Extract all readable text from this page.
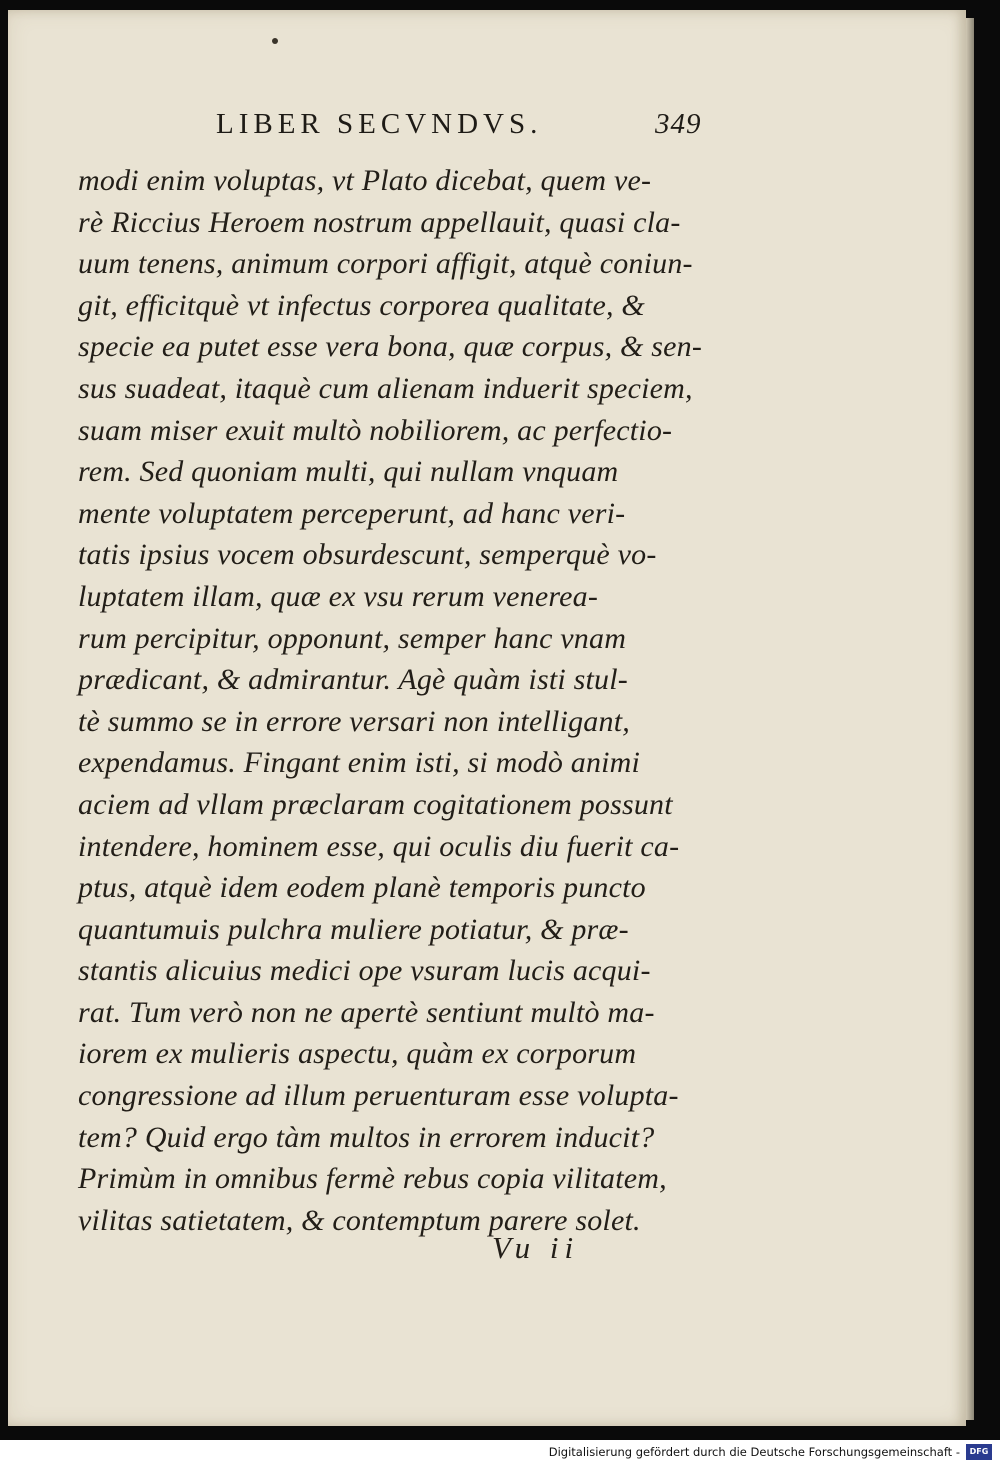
LIBER SECVNDVS.	349
modi enim voluptas, vt Plato dicebat, quem ve-
rè Riccius Heroem nostrum appellauit, quasi cla-
uum tenens, animum corpori affigit, atquè coniun-
git, efficitquè vt infectus corporea qualitate, &
specie ea putet esse vera bona, quæ corpus, & sen-
sus suadeat, itaquè cum alienam induerit speciem,
suam miser exuit multò nobiliorem, ac perfectio-
rem. Sed quoniam multi, qui nullam vnquam
mente voluptatem perceperunt, ad hanc veri-
tatis ipsius vocem obsurdescunt, semperquè vo-
luptatem illam, quæ ex vsu rerum venerea-
rum percipitur, opponunt, semper hanc vnam
prædicant, & admirantur. Agè quàm isti stul-
tè summo se in errore versari non intelligant,
expendamus. Fingant enim isti, si modò animi
aciem ad vllam præclaram cogitationem possunt
intendere, hominem esse, qui oculis diu fuerit ca-
ptus, atquè idem eodem planè temporis puncto
quantumuis pulchra muliere potiatur, & præ-
stantis alicuius medici ope vsuram lucis acqui-
rat. Tum verò non ne apertè sentiunt multò ma-
iorem ex mulieris aspectu, quàm ex corporum
congressione ad illum peruenturam esse volupta-
tem? Quid ergo tàm multos in errorem inducit?
Primùm in omnibus fermè rebus copia vilitatem,
vilitas satietatem, & contemptum parere solet.
Vu ii
Digitalisierung gefördert durch die Deutsche Forschungsgemeinschaft -	DFG
